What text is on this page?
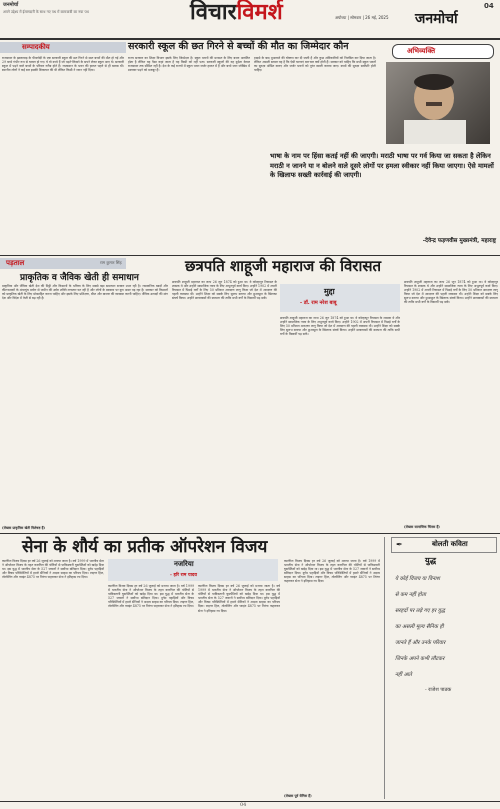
जनमोर्चा
अपने उद्देश्य में ईमानदारी के साथ नए पथ में कामयाबी का नया पथ	विचारविमर्श	अयोध्या | सोमवार | 26 मई, 2025 जनमोर्चा
04
सम्पादकीय	सरकारी स्कूल की छत गिरने से बच्चों की मौत का जिम्मेदार कौन
राजस्थान के झालावाड़ के पीपलोदी के एक सरकारी स्कूल की छत गिरने से सात बच्चों की मौत हो गई और 29 बच्चे गंभीर रूप से घायल हो गए। ये वो बच्चे हैं जो पढ़ने-लिखने के सपने लेकर स्कूल आए थे। सरकारी स्कूल में पढ़ने वाले बच्चों के परिवार गरीब होते हैं। राजस्थान के भवन की हालत पहले से ही खराब थी। स्थानीय लोगों ने कई बार इसकी शिकायत की थी लेकिन किसी ने ध्यान नहीं दिया।
राज्य सरकार का शिक्षा विभाग इसके लिए जिम्मेदार है। स्कूल भवनों की मरम्मत के लिए बजट आवंटित होता है लेकिन वह पैसा कहां जाता है यह किसी को नहीं पता। सरकारी स्कूलों की यह दुर्दशा केवल राजस्थान तक सीमित नहीं है। देश के कई राज्यों में स्कूल भवन जर्जर हालत में हैं और बच्चे जान जोखिम में डालकर पढ़ने को मजबूर हैं।
हादसे के बाद मुआवजे की घोषणा कर दी जाती है और कुछ अधिकारियों को निलंबित कर दिया जाता है। लेकिन असली सवाल यह है कि ऐसी घटनाएं बार-बार क्यों होती हैं। सरकार को चाहिए कि सभी स्कूल भवनों का सुरक्षा ऑडिट कराए और जर्जर भवनों को तुरंत खाली कराया जाए। बच्चों की सुरक्षा सर्वोपरि होनी चाहिए।
अभिव्यक्ति
भाषा के नाम पर हिंसा कतई नहीं की जाएगी। मराठी भाषा पर गर्व किया जा सकता है लेकिन मराठी न जानने या न बोलने वाले दूसरे लोगों पर हमला स्वीकार नहीं किया जाएगा। ऐसे मामलों के खिलाफ सख्ती कार्रवाई की जाएगी।
-देवेन्द्र फड़णवीस मुख्यमंत्री, महाराष्ट्र
पड़ताल	राम कुमार सिंह
प्राकृतिक व जैविक खेती ही समाधान
प्राकृतिक और जैविक खेती देश की मिट्टी और किसानों के भविष्य के लिए सबसे बड़ा समाधान बनकर उभर रही है। रासायनिक खादों और कीटनाशकों के अंधाधुंध प्रयोग से जमीन की उर्वरा शक्ति लगातार घट रही है और लोगों के स्वास्थ्य पर बुरा असर पड़ रहा है। सरकार को किसानों को प्राकृतिक खेती के लिए प्रोत्साहित करना चाहिए और इसके लिए प्रशिक्षण, बीज और बाजार की व्यवस्था करनी चाहिए। जैविक उत्पादों की मांग देश और विदेश में तेजी से बढ़ रही है।
(लेखक प्राकृतिक खेती विशेषज्ञ हैं)
छत्रपति शाहूजी महाराज की विरासत
छत्रपति शाहूजी महाराज का जन्म 26 जून 1874 को हुआ था। वे कोल्हापुर रियासत के शासक थे और उन्होंने सामाजिक न्याय के लिए अभूतपूर्व कार्य किए। उन्होंने 1902 में अपनी रियासत में पिछड़े वर्गों के लिए 50 प्रतिशत आरक्षण लागू किया जो देश में आरक्षण की पहली व्यवस्था थी। उन्होंने शिक्षा को सबके लिए सुलभ बनाया और छुआछूत के खिलाफ संघर्ष किया। उन्होंने छात्रावासों की स्थापना की ताकि सभी वर्गों के विद्यार्थी पढ़ सकें।
मुद्दा
- डॉ. राम नरेश बाबू
छत्रपति शाहूजी महाराज का जन्म 26 जून 1874 को हुआ था। वे कोल्हापुर रियासत के शासक थे और उन्होंने सामाजिक न्याय के लिए अभूतपूर्व कार्य किए। उन्होंने 1902 में अपनी रियासत में पिछड़े वर्गों के लिए 50 प्रतिशत आरक्षण लागू किया जो देश में आरक्षण की पहली व्यवस्था थी। उन्होंने शिक्षा को सबके लिए सुलभ बनाया और छुआछूत के खिलाफ संघर्ष किया। उन्होंने छात्रावासों की स्थापना की ताकि सभी वर्गों के विद्यार्थी पढ़ सकें।
छत्रपति शाहूजी महाराज का जन्म 26 जून 1874 को हुआ था। वे कोल्हापुर रियासत के शासक थे और उन्होंने सामाजिक न्याय के लिए अभूतपूर्व कार्य किए। उन्होंने 1902 में अपनी रियासत में पिछड़े वर्गों के लिए 50 प्रतिशत आरक्षण लागू किया जो देश में आरक्षण की पहली व्यवस्था थी। उन्होंने शिक्षा को सबके लिए सुलभ बनाया और छुआछूत के खिलाफ संघर्ष किया। उन्होंने छात्रावासों की स्थापना की ताकि सभी वर्गों के विद्यार्थी पढ़ सकें।
(लेखक सामाजिक चिंतक हैं)
सेना के शौर्य का प्रतीक ऑपरेशन विजय
नजरिया
- हरि राम यादव
कारगिल विजय दिवस हर वर्ष 26 जुलाई को मनाया जाता है। वर्ष 1999 में भारतीय सेना ने ऑपरेशन विजय के तहत कारगिल की चोटियों से पाकिस्तानी घुसपैठियों को खदेड़ दिया था। इस युद्ध में भारतीय सेना के 527 जवानों ने सर्वोच्च बलिदान दिया। दुर्गम पहाड़ियों और विषम परिस्थितियों में हमारे सैनिकों ने अदम्य साहस का परिचय दिया। टाइगर हिल, तोलोलिंग और प्वाइंट 4875 पर तिरंगा फहराकर सेना ने इतिहास रच दिया।
कारगिल विजय दिवस हर वर्ष 26 जुलाई को मनाया जाता है। वर्ष 1999 में भारतीय सेना ने ऑपरेशन विजय के तहत कारगिल की चोटियों से पाकिस्तानी घुसपैठियों को खदेड़ दिया था। इस युद्ध में भारतीय सेना के 527 जवानों ने सर्वोच्च बलिदान दिया। दुर्गम पहाड़ियों और विषम परिस्थितियों में हमारे सैनिकों ने अदम्य साहस का परिचय दिया। टाइगर हिल, तोलोलिंग और प्वाइंट 4875 पर तिरंगा फहराकर सेना ने इतिहास रच दिया।
कारगिल विजय दिवस हर वर्ष 26 जुलाई को मनाया जाता है। वर्ष 1999 में भारतीय सेना ने ऑपरेशन विजय के तहत कारगिल की चोटियों से पाकिस्तानी घुसपैठियों को खदेड़ दिया था। इस युद्ध में भारतीय सेना के 527 जवानों ने सर्वोच्च बलिदान दिया। दुर्गम पहाड़ियों और विषम परिस्थितियों में हमारे सैनिकों ने अदम्य साहस का परिचय दिया। टाइगर हिल, तोलोलिंग और प्वाइंट 4875 पर तिरंगा फहराकर सेना ने इतिहास रच दिया।
कारगिल विजय दिवस हर वर्ष 26 जुलाई को मनाया जाता है। वर्ष 1999 में भारतीय सेना ने ऑपरेशन विजय के तहत कारगिल की चोटियों से पाकिस्तानी घुसपैठियों को खदेड़ दिया था। इस युद्ध में भारतीय सेना के 527 जवानों ने सर्वोच्च बलिदान दिया। दुर्गम पहाड़ियों और विषम परिस्थितियों में हमारे सैनिकों ने अदम्य साहस का परिचय दिया। टाइगर हिल, तोलोलिंग और प्वाइंट 4875 पर तिरंगा फहराकर सेना ने इतिहास रच दिया।
(लेखक पूर्व सैनिक हैं)
✒	बोलती कविता
युद्ध
ये कोई विजय या विनाश
से कम नहीं होता
सरहदों पर लड़े गए हर युद्ध
का असली मूल्य सैनिक ही
जानते हैं और उनके परिवार
जिनके अपने कभी लौटकर
नहीं आते
- राजेश पाठक
04
